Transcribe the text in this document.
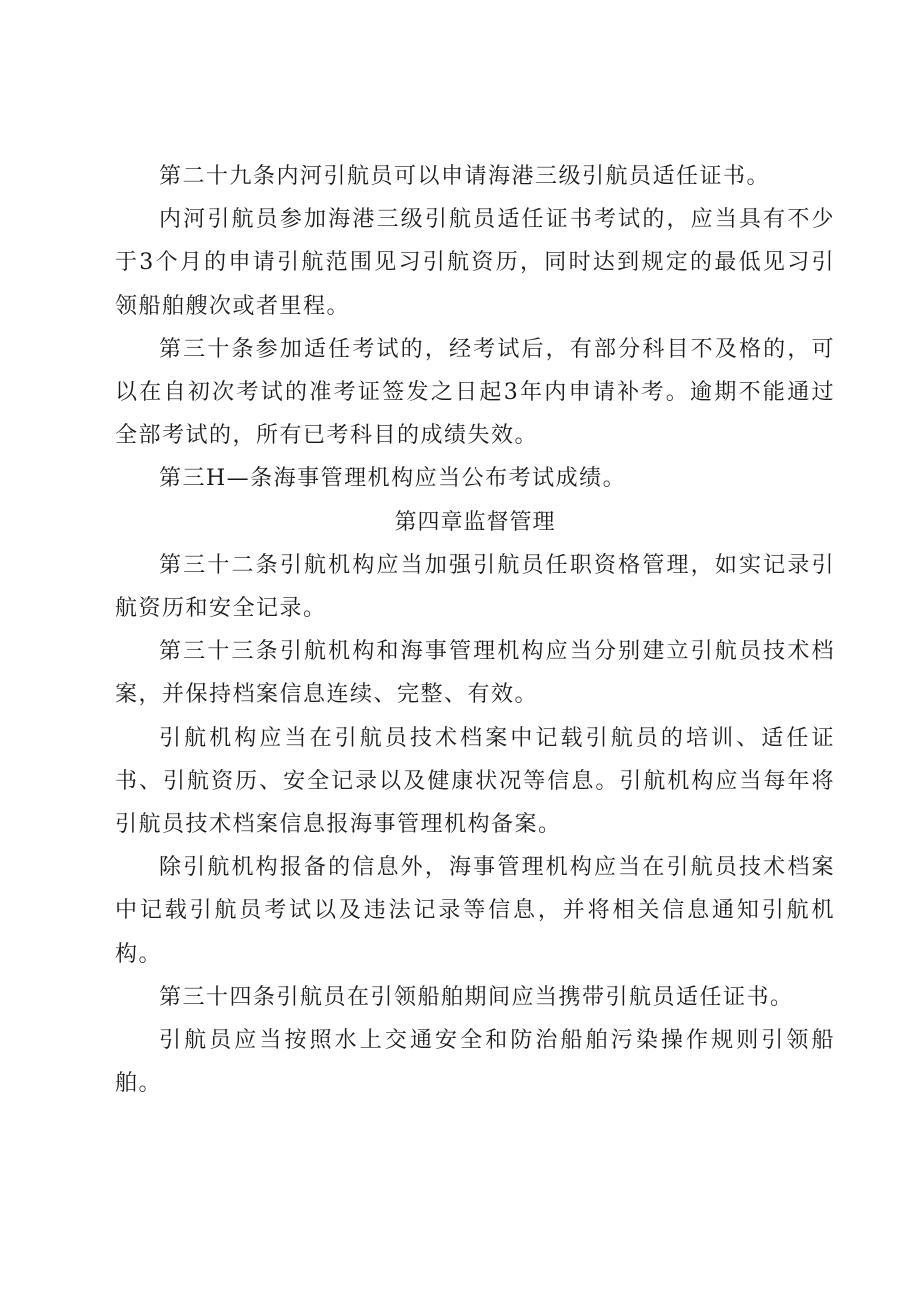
第二十九条内河引航员可以申请海港三级引航员适任证书。

内河引航员参加海港三级引航员适任证书考试的，应当具有不少于3个月的申请引航范围见习引航资历，同时达到规定的最低见习引领船舶艘次或者里程。

第三十条参加适任考试的，经考试后，有部分科目不及格的，可以在自初次考试的准考证签发之日起3年内申请补考。逾期不能通过全部考试的，所有已考科目的成绩失效。

第三H—条海事管理机构应当公布考试成绩。

第四章监督管理

第三十二条引航机构应当加强引航员任职资格管理，如实记录引航资历和安全记录。

第三十三条引航机构和海事管理机构应当分别建立引航员技术档案，并保持档案信息连续、完整、有效。

引航机构应当在引航员技术档案中记载引航员的培训、适任证书、引航资历、安全记录以及健康状况等信息。引航机构应当每年将引航员技术档案信息报海事管理机构备案。

除引航机构报备的信息外，海事管理机构应当在引航员技术档案中记载引航员考试以及违法记录等信息，并将相关信息通知引航机构。

第三十四条引航员在引领船舶期间应当携带引航员适任证书。

引航员应当按照水上交通安全和防治船舶污染操作规则引领船舶。
